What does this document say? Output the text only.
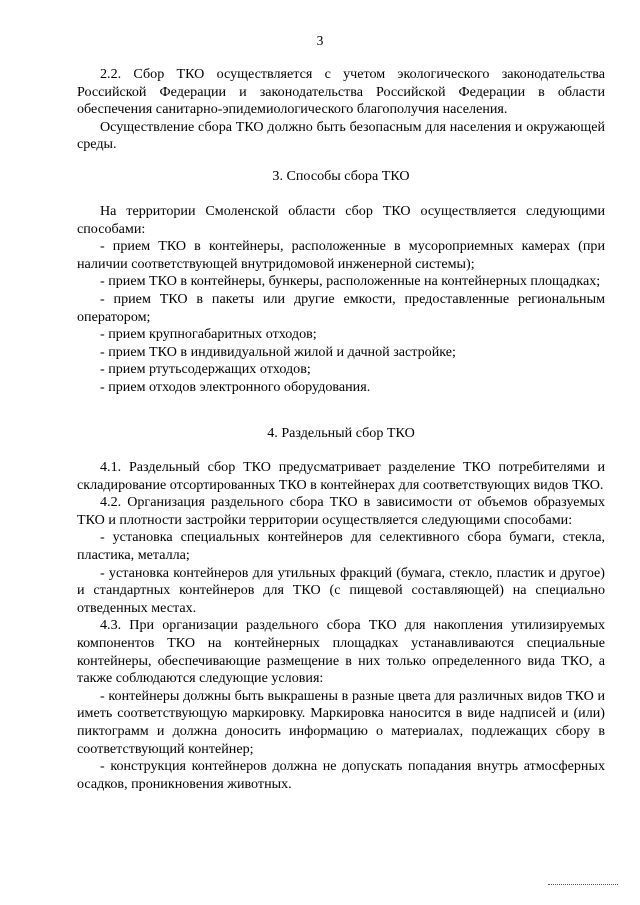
3

2.2. Сбор ТКО осуществляется с учетом экологического законодательства Российской Федерации и законодательства Российской Федерации в области обеспечения санитарно-эпидемиологического благополучия населения.

Осуществление сбора ТКО должно быть безопасным для населения и окружающей среды.

3. Способы сбора ТКО

На территории Смоленской области сбор ТКО осуществляется следующими способами:

- прием ТКО в контейнеры, расположенные в мусороприемных камерах (при наличии соответствующей внутридомовой инженерной системы);

- прием ТКО в контейнеры, бункеры, расположенные на контейнерных площадках;

- прием ТКО в пакеты или другие емкости, предоставленные региональным оператором;

- прием крупногабаритных отходов;

- прием ТКО в индивидуальной жилой и дачной застройке;

- прием ртутьсодержащих отходов;

- прием отходов электронного оборудования.

4. Раздельный сбор ТКО

4.1. Раздельный сбор ТКО предусматривает разделение ТКО потребителями и складирование отсортированных ТКО в контейнерах для соответствующих видов ТКО.

4.2. Организация раздельного сбора ТКО в зависимости от объемов образуемых ТКО и плотности застройки территории осуществляется следующими способами:

- установка специальных контейнеров для селективного сбора бумаги, стекла, пластика, металла;

- установка контейнеров для утильных фракций (бумага, стекло, пластик и другое) и стандартных контейнеров для ТКО (с пищевой составляющей) на специально отведенных местах.

4.3. При организации раздельного сбора ТКО для накопления утилизируемых компонентов ТКО на контейнерных площадках устанавливаются специальные контейнеры, обеспечивающие размещение в них только определенного вида ТКО, а также соблюдаются следующие условия:

- контейнеры должны быть выкрашены в разные цвета для различных видов ТКО и иметь соответствующую маркировку. Маркировка наносится в виде надписей и (или) пиктограмм и должна доносить информацию о материалах, подлежащих сбору в соответствующий контейнер;

- конструкция контейнеров должна не допускать попадания внутрь атмосферных осадков, проникновения животных.
